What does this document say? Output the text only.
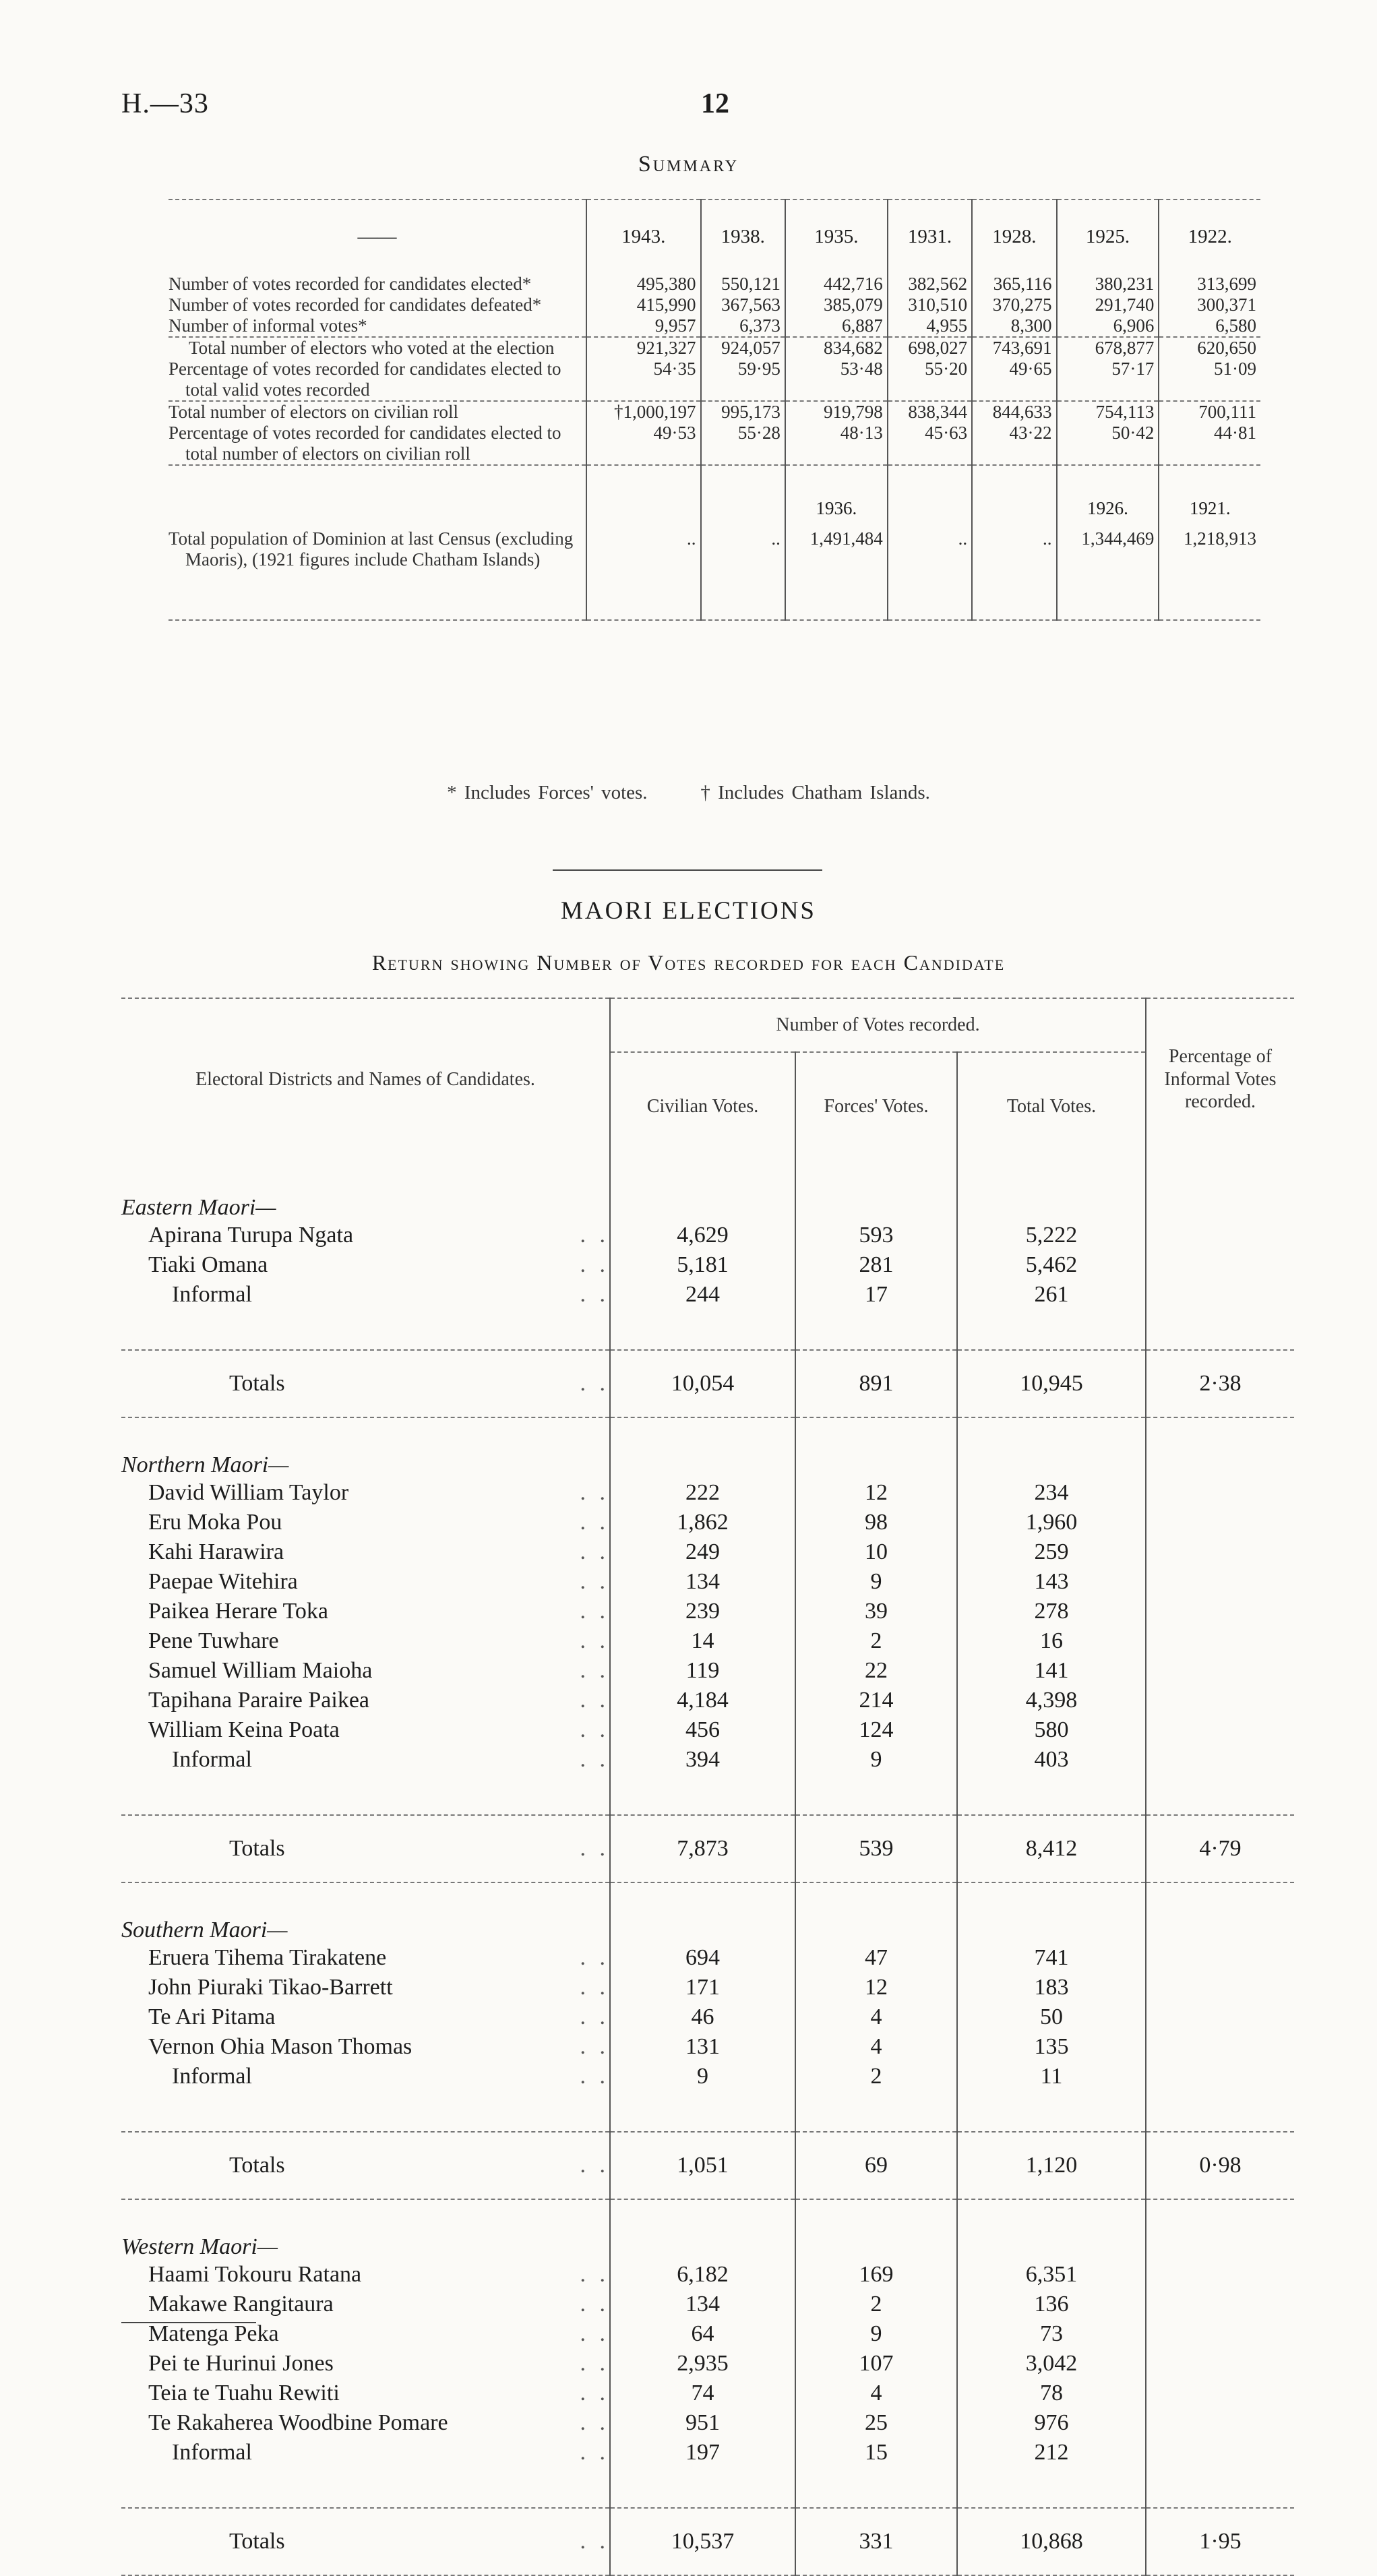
H.—33	12
Summary
——	1943.	1938.	1935.	1931.	1928.	1925.	1922.
Number of votes recorded for candidates elected*	495,380	550,121	442,716	382,562	365,116	380,231	313,699
Number of votes recorded for candidates defeated*	415,990	367,563	385,079	310,510	370,275	291,740	300,371
Number of informal votes*	9,957	6,373	6,887	4,955	8,300	6,906	6,580
Total number of electors who voted at the election	921,327	924,057	834,682	698,027	743,691	678,877	620,650
Percentage of votes recorded for candidates elected to total valid votes recorded	54·35	59·95	53·48	55·20	49·65	57·17	51·09
Total number of electors on civilian roll	†1,000,197	995,173	919,798	838,344	844,633	754,113	700,111
Percentage of votes recorded for candidates elected to total number of electors on civilian roll	49·53	55·28	48·13	45·63	43·22	50·42	44·81
			1936.			1926.	1921.
Total population of Dominion at last Census (excluding Maoris), (1921 figures include Chatham Islands)	..	..	1,491,484	..	..	1,344,469	1,218,913
* Includes Forces' votes.	† Includes Chatham Islands.
MAORI ELECTIONS
Return showing Number of Votes recorded for each Candidate
Electoral Districts and Names of Candidates.	Number of Votes recorded.			Percentage of Informal Votes recorded.
	Civilian Votes.	Forces' Votes.	Total Votes.	
Eastern Maori—				

Apirana Turupa Ngata . .	4,629	593	5,222	

Tiaki Omana . .	5,181	281	5,462	

Informal . .	244	17	261	

Totals . .	10,054	891	10,945	2·38
Northern Maori—				

David William Taylor . .	222	12	234	

Eru Moka Pou . .	1,862	98	1,960	

Kahi Harawira . .	249	10	259	

Paepae Witehira . .	134	9	143	

Paikea Herare Toka . .	239	39	278	

Pene Tuwhare . .	14	2	16	

Samuel William Maioha . .	119	22	141	

Tapihana Paraire Paikea . .	4,184	214	4,398	

William Keina Poata . .	456	124	580	

Informal . .	394	9	403	

Totals . .	7,873	539	8,412	4·79
Southern Maori—				

Eruera Tihema Tirakatene . .	694	47	741	

John Piuraki Tikao-Barrett . .	171	12	183	

Te Ari Pitama . .	46	4	50	

Vernon Ohia Mason Thomas . .	131	4	135	

Informal . .	9	2	11	

Totals . .	1,051	69	1,120	0·98
Western Maori—				

Haami Tokouru Ratana . .	6,182	169	6,351	

Makawe Rangitaura . .	134	2	136	

Matenga Peka . .	64	9	73	

Pei te Hurinui Jones . .	2,935	107	3,042	

Teia te Tuahu Rewiti . .	74	4	78	

Te Rakaherea Woodbine Pomare . .	951	25	976	

Informal . .	197	15	212	

Totals . .	10,537	331	10,868	1·95
